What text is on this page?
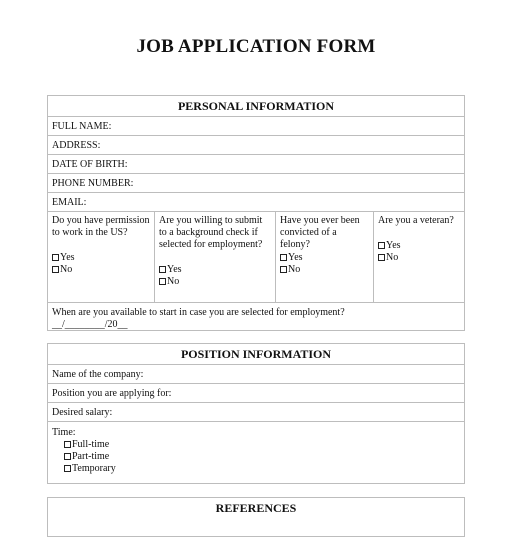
JOB APPLICATION FORM
PERSONAL INFORMATION
FULL NAME:
ADDRESS:
DATE OF BIRTH:
PHONE NUMBER:
EMAIL:
Do you have permission to work in the US?
Yes
No
Are you willing to submit to a background check if selected for employment?
Yes
No
Have you ever been convicted of a felony?
Yes
No
Are you a veteran?
Yes
No
When are you available to start in case you are selected for employment?
__/________/20__
POSITION INFORMATION
Name of the company:
Position you are applying for:
Desired salary:
Time:
Full-time
Part-time
Temporary
REFERENCES
